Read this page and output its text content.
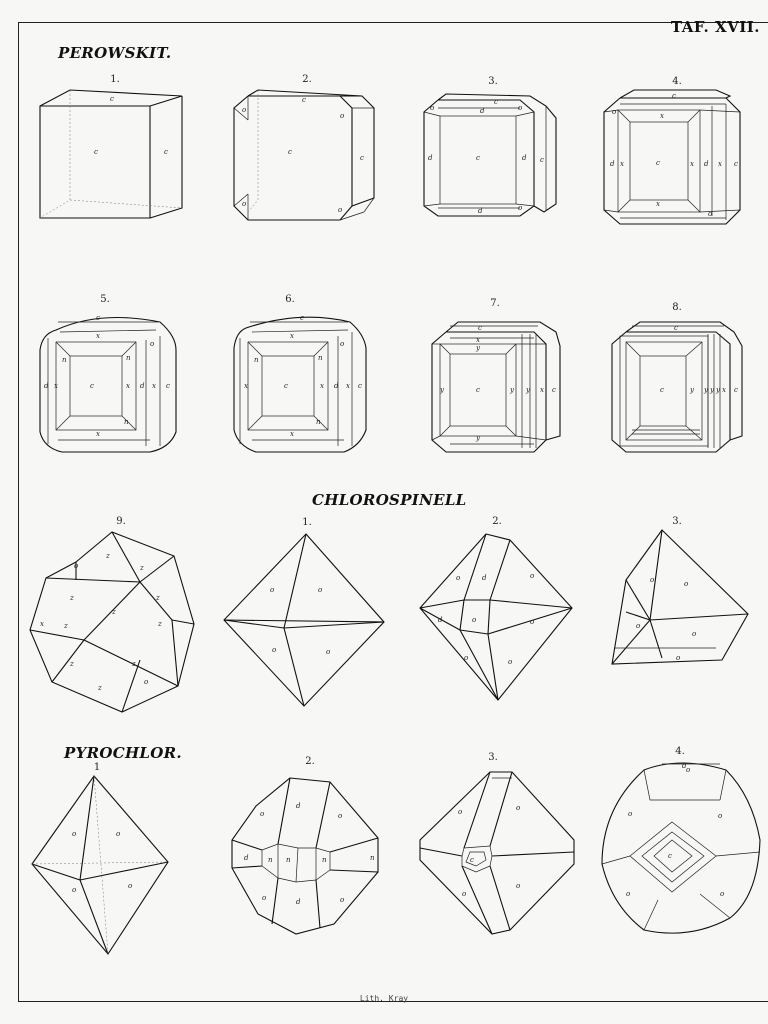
TAF. XVII.
PEROWSKIT.
CHLOROSPINELL
PYROCHLOR.
1.	2.	3.	4.
5.	6.	7.	8.
9.	1.	2.	3.
1
2.	3.
4.
Lith. Kray
c
c	c
c
c
c
o
o
o
o
c
c	c
d	d
d
d
o	o
o
c
c	c
d	d
x
x	x
x
x
o
o
c
c	c
d	d
x
x	x
n	n
n
o
x
x
c
c	c
d
x	x
x
n	n
n
o
x
x
c
c	c
y	y y
y
y
x
x
c
c	c
y y y y x
z
z
z
z
z
z
x	z
z	z
z
o
o
o	o
o	o
o	d	o
o
d	o
o	o
o	o
o
o
o
o	o
o	o
o
d
o
n n	n	n
d
o	d	o
c
o	o
o
o
c
o
o	o
o	o
d
